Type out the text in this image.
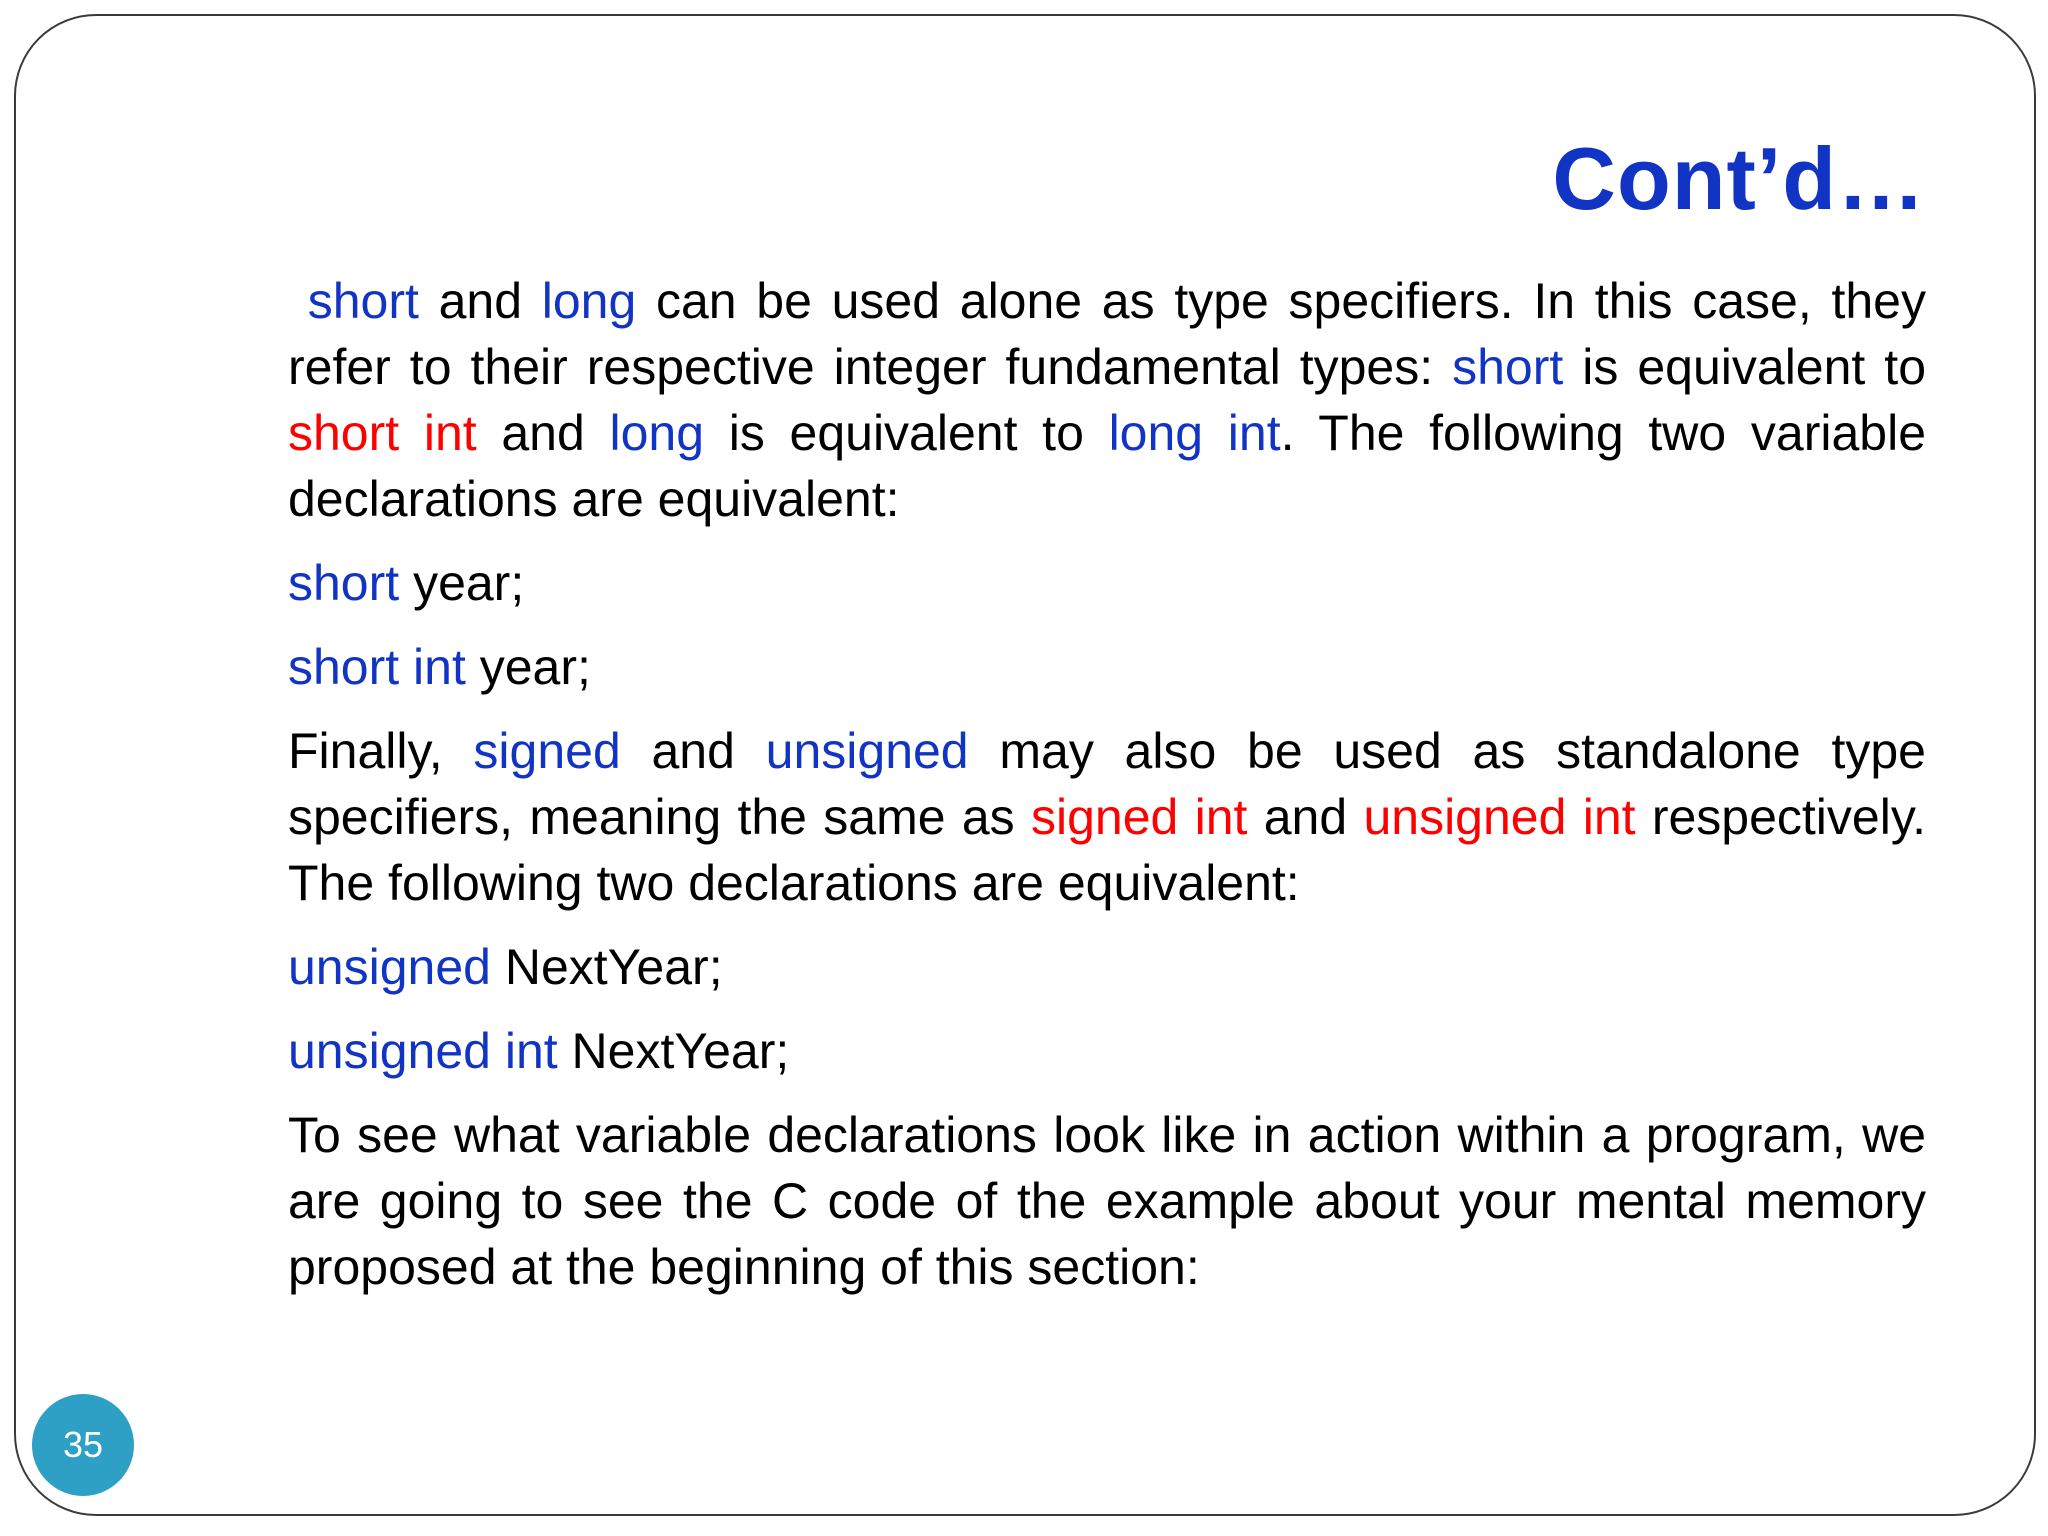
Cont’d…

short and long can be used alone as type specifiers. In this case, they refer to their respective integer fundamental types: short is equivalent to short int and long is equivalent to long int. The following two variable declarations are equivalent:

short year;

short int year;

Finally, signed and unsigned may also be used as standalone type specifiers, meaning the same as signed int and unsigned int respectively. The following two declarations are equivalent:

unsigned NextYear;

unsigned int NextYear;

To see what variable declarations look like in action within a program, we are going to see the C code of the example about your mental memory proposed at the beginning of this section:

35
